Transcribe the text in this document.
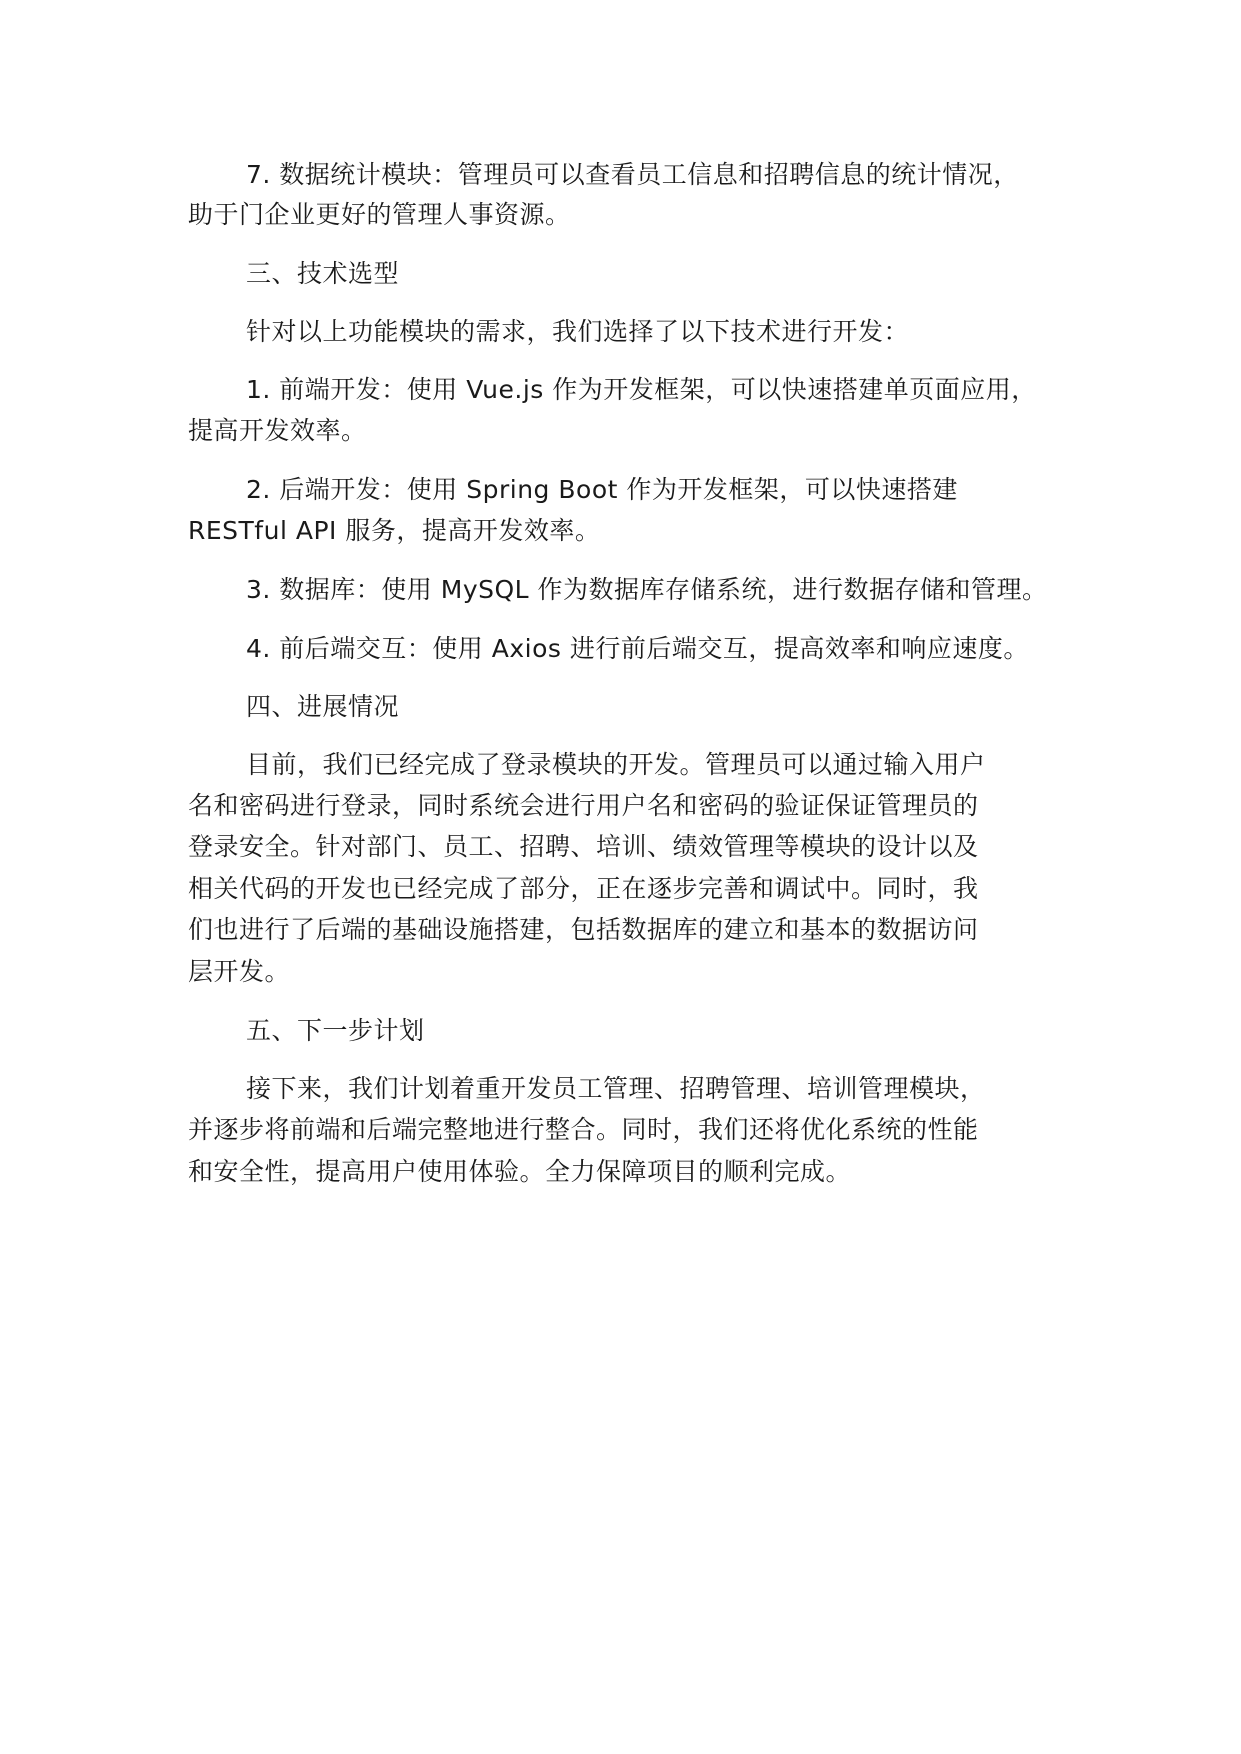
7. 数据统计模块：管理员可以查看员工信息和招聘信息的统计情况，
助于门企业更好的管理人事资源。
三、技术选型
针对以上功能模块的需求，我们选择了以下技术进行开发：
1. 前端开发：使用 Vue.js 作为开发框架，可以快速搭建单页面应用，
提高开发效率。
2. 后端开发：使用 Spring Boot 作为开发框架，可以快速搭建
RESTful API 服务，提高开发效率。
3. 数据库：使用 MySQL 作为数据库存储系统，进行数据存储和管理。
4. 前后端交互：使用 Axios 进行前后端交互，提高效率和响应速度。
四、进展情况
目前，我们已经完成了登录模块的开发。管理员可以通过输入用户
名和密码进行登录，同时系统会进行用户名和密码的验证保证管理员的
登录安全。针对部门、员工、招聘、培训、绩效管理等模块的设计以及
相关代码的开发也已经完成了部分，正在逐步完善和调试中。同时，我
们也进行了后端的基础设施搭建，包括数据库的建立和基本的数据访问
层开发。
五、下一步计划
接下来，我们计划着重开发员工管理、招聘管理、培训管理模块，
并逐步将前端和后端完整地进行整合。同时，我们还将优化系统的性能
和安全性，提高用户使用体验。全力保障项目的顺利完成。
